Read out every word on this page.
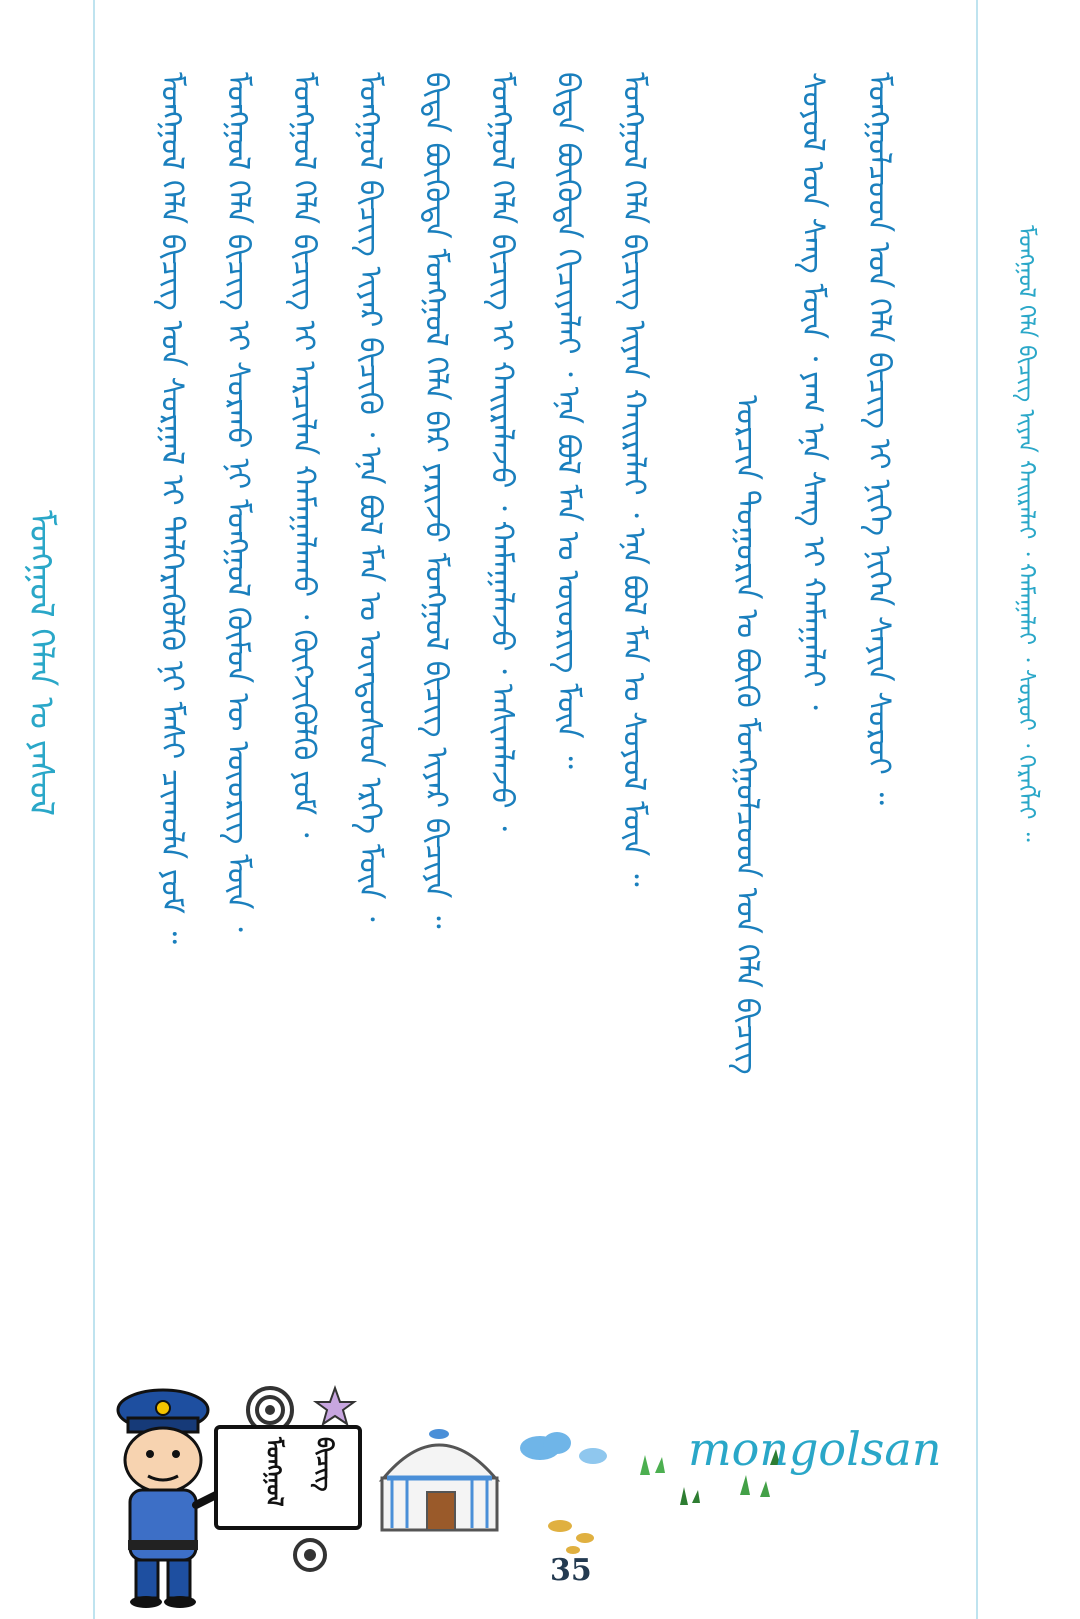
ᠮᠣᠩᠭᠣᠯ ᠬᠡᠯᠡᠨ ᠤ ᠶᠠᠰᠤᠯ	ᠮᠣᠩᠭᠣᠯ ᠬᠡᠯᠡ ᠪᠢᠴᠢᠭ ᠤᠨ ᠰᠤᠷᠭᠠᠯ ᠢ ᠳᠡᠯᠭᠡᠷᠡᠭᠦᠯᠬᠦ ᠨᠢ ᠮᠠᠰᠢ ᠴᠢᠬᠤᠯᠠ ᠶᠤᠮ ᠃ ᠮᠣᠩᠭᠣᠯ ᠬᠡᠯᠡ ᠪᠢᠴᠢᠭ ᠢ ᠰᠤᠷᠬᠤ ᠨᠢ ᠮᠣᠩᠭᠣᠯ ᠬᠦᠮᠦᠨ ᠦ ᠦᠦᠷᠢᠭ ᠮᠥᠨ ᠂ ᠮᠣᠩᠭᠣᠯ ᠬᠡᠯᠡ ᠪᠢᠴᠢᠭ ᠢ ᠠᠷᠴᠢᠯᠠᠨ ᠬᠠᠮᠠᠭᠠᠯᠠᠬᠤ ᠂ ᠬᠥᠭᠵᠢᠭᠦᠯᠬᠦ ᠶᠤᠮ ᠂ ᠮᠣᠩᠭᠣᠯ ᠪᠢᠴᠢᠭ ᠢᠶᠡᠷ ᠪᠢᠴᠢᠬᠦ ᠂ ᠡᠨᠡ ᠪᠣᠯ ᠮᠠᠨ ᠤ ᠦᠨᠳᠦᠰᠦᠨ ᠡᠷᠬᠡ ᠮᠥᠨ ᠂ ᠪᠢᠳᠡ ᠪᠦᠭᠦᠳᠡ ᠮᠣᠩᠭᠣᠯ ᠬᠡᠯᠡ ᠪᠡᠷ ᠶᠠᠷᠢᠵᠤ ᠮᠣᠩᠭᠣᠯ ᠪᠢᠴᠢᠭ ᠢᠶᠡᠷ ᠪᠢᠴᠢᠶᠡ ᠃ ᠮᠣᠩᠭᠣᠯ ᠬᠡᠯᠡ ᠪᠢᠴᠢᠭ ᠢ ᠬᠠᠢᠷᠠᠯᠠᠵᠤ ᠂ ᠬᠠᠮᠠᠭᠠᠯᠠᠵᠤ ᠂ ᠠᠰᠢᠭᠯᠠᠵᠤ ᠂ ᠪᠢᠳᠡ ᠪᠦᠭᠦᠳᠡ ᠬᠢᠴᠢᠶᠡᠯᠡᠶ ᠂ ᠡᠨᠡ ᠪᠣᠯ ᠮᠠᠨ ᠤ ᠦᠦᠷᠢᠭ ᠮᠥᠨ ᠃ ᠮᠣᠩᠭᠣᠯ ᠬᠡᠯᠡ ᠪᠢᠴᠢᠭ ᠢᠶᠡᠨ ᠬᠠᠢᠷᠠᠯᠠᠶ ᠂ ᠡᠨᠡ ᠪᠣᠯ ᠮᠠᠨ ᠤ ᠰᠤᠶᠤᠯ ᠮᠥᠨ ᠃	ᠣᠷᠴᠢᠨ ᠲᠣᠭᠣᠷᠢᠨ ᠤ ᠪᠦᠬᠦ ᠮᠣᠩᠭᠣᠯᠴᠤᠳ ᠤᠨ ᠬᠡᠯᠡ ᠪᠢᠴᠢᠭ
ᠰᠣᠶᠣᠯ ᠤᠨ ᠰᠠᠩ ᠮᠥᠨ ᠂ ᠶᠠᠭ ᠡᠨᠡ ᠰᠠᠩ ᠢ ᠬᠠᠮᠠᠭᠠᠯᠠᠶ ᠂ ᠮᠣᠩᠭᠣᠯᠴᠤᠳ ᠤᠨ ᠬᠡᠯᠡ ᠪᠢᠴᠢᠭ ᠢ ᠨᠢᠭᠡ ᠨᠢᠭᠡᠨ ᠰᠠᠶᠢᠨ ᠰᠤᠷᠤᠶ ᠃	ᠮᠣᠩᠭᠣᠯ ᠬᠡᠯᠡ ᠪᠢᠴᠢᠭ ᠢᠶᠡᠨ ᠬᠠᠢᠷᠠᠯᠠᠶ ᠂ ᠬᠠᠮᠠᠭᠠᠯᠠᠶ ᠂ ᠰᠤᠷᠤᠶ ᠂ ᠬᠡᠷᠡᠭᠯᠡᠶ ᠃
ᠮᠣᠩᠭᠣᠯ	ᠪᠢᠴᠢᠭ	mongolsan
35
